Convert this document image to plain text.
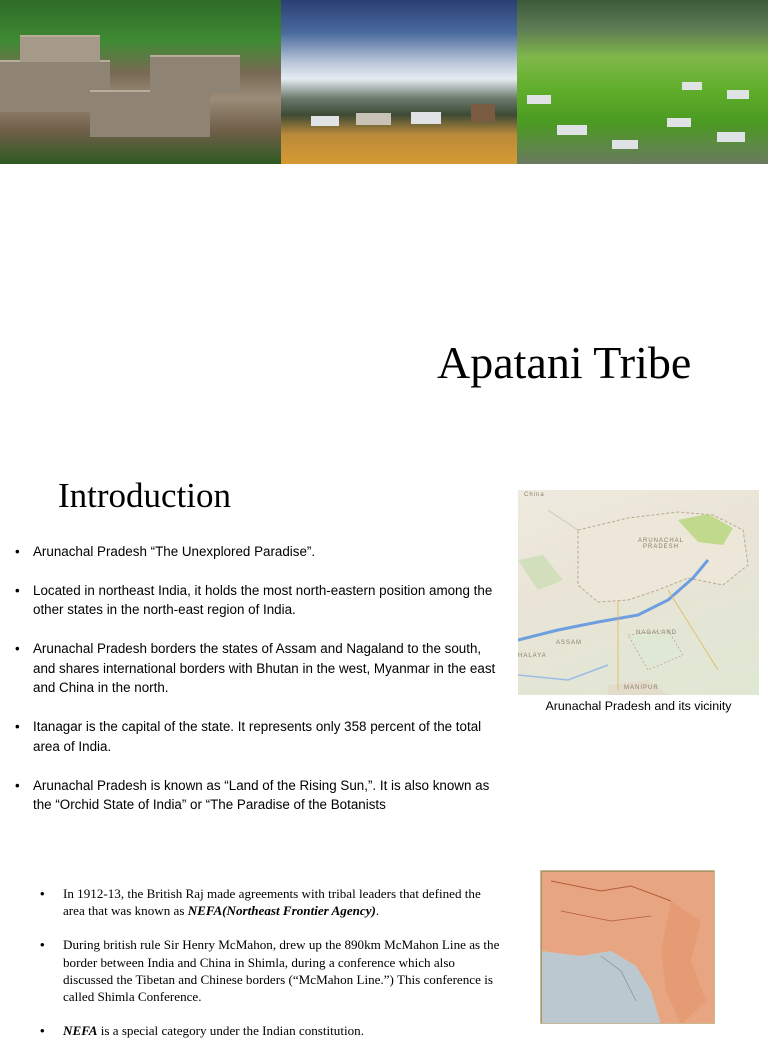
Apatani Tribe
Introduction
• Arunachal Pradesh “The Unexplored Paradise”.
• Located in northeast India, it holds the most north-eastern position among the other states in the north-east region of India.
• Arunachal Pradesh borders the states of Assam and Nagaland to the south, and shares international borders with Bhutan in the west, Myanmar in the east and China in the north.
• Itanagar is the capital of the state. It represents only 358 percent of the total area of India.
• Arunachal Pradesh is known as “Land of the Rising Sun,”. It is also known as the “Orchid State of India” or “The Paradise of the Botanists
China
ARUNACHAL
PRADESH
ASSAM
NAGALAND
HALAYA
MANIPUR
Arunachal Pradesh and its vicinity
• In 1912-13, the British Raj made agreements with tribal leaders that defined the area that was known as NEFA(Northeast Frontier Agency).
• During british rule Sir Henry McMahon, drew up the 890km McMahon Line as the border between India and China in Shimla, during a conference which also discussed the Tibetan and Chinese borders (“McMahon Line.”) This conference is called Shimla Conference.
• NEFA is a special category under the Indian constitution.
